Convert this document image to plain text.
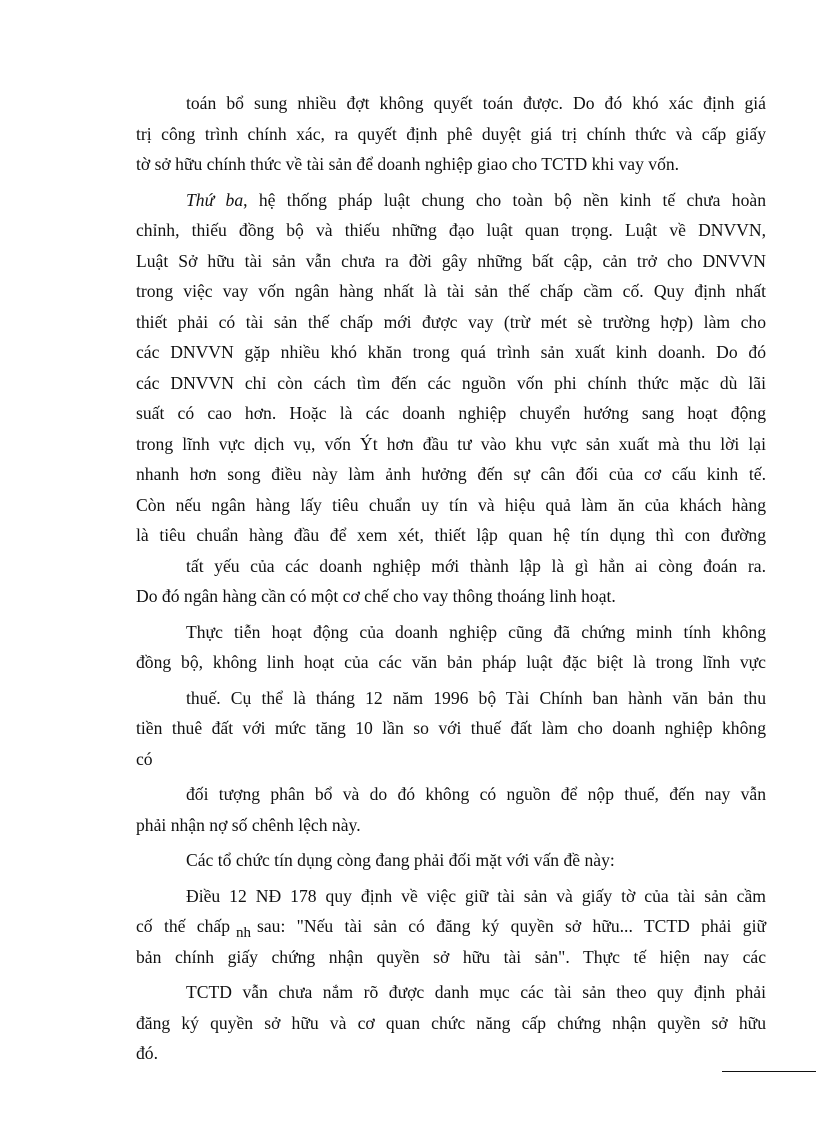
toán bổ sung nhiều đợt không quyết toán được. Do đó khó xác định giá
trị công trình chính xác, ra quyết định phê duyệt giá trị chính thức và cấp giấy
tờ sở hữu chính thức về tài sản để doanh nghiệp giao cho TCTD khi vay vốn.
Thứ ba, hệ thống pháp luật chung cho toàn bộ nền kinh tế chưa hoàn
chỉnh, thiếu đồng bộ và thiếu những đạo luật quan trọng. Luật về DNVVN,
Luật Sở hữu tài sản vẫn chưa ra đời gây những bất cập, cản trở cho DNVVN
trong việc vay vốn ngân hàng nhất là tài sản thế chấp cầm cố. Quy định nhất
thiết phải có tài sản thế chấp mới được vay (trừ mét sè trường hợp) làm cho
các DNVVN gặp nhiều khó khăn trong quá trình sản xuất kinh doanh. Do đó
các DNVVN chỉ còn cách tìm đến các nguồn vốn phi chính thức mặc dù lãi
suất có cao hơn. Hoặc là các doanh nghiệp chuyển hướng sang hoạt động
trong lĩnh vực dịch vụ, vốn Ýt hơn đầu tư vào khu vực sản xuất mà thu lời lại
nhanh hơn song điều này làm ảnh hưởng đến sự cân đối của cơ cấu kinh tế.
Còn nếu ngân hàng lấy tiêu chuẩn uy tín và hiệu quả làm ăn của khách hàng
là tiêu chuẩn hàng đầu để xem xét, thiết lập quan hệ tín dụng thì con đường
tất yếu của các doanh nghiệp mới thành lập là gì hẳn ai còng đoán ra.
Do đó ngân hàng cần có một cơ chế cho vay thông thoáng linh hoạt.
Thực tiễn hoạt động của doanh nghiệp cũng đã chứng minh tính không
đồng bộ, không linh hoạt của các văn bản pháp luật đặc biệt là trong lĩnh vực
thuế. Cụ thể là tháng 12 năm 1996 bộ Tài Chính ban hành văn bản thu
tiền thuê đất với mức tăng 10 lần so với thuế đất làm cho doanh nghiệp không
có
đối tượng phân bổ và do đó không có nguồn để nộp thuế, đến nay vẫn
phải nhận nợ số chênh lệch này.
Các tổ chức tín dụng còng đang phải đối mặt với vấn đề này:
Điều 12 NĐ 178 quy định về việc giữ tài sản và giấy tờ của tài sản cầm
cố thế chấp nh sau: "Nếu tài sản có đăng ký quyền sở hữu... TCTD phải giữ
bản chính giấy chứng nhận quyền sở hữu tài sản". Thực tế hiện nay các
TCTD vẫn chưa nắm rõ được danh mục các tài sản theo quy định phải
đăng ký quyền sở hữu và cơ quan chức năng cấp chứng nhận quyền sở hữu
đó.
